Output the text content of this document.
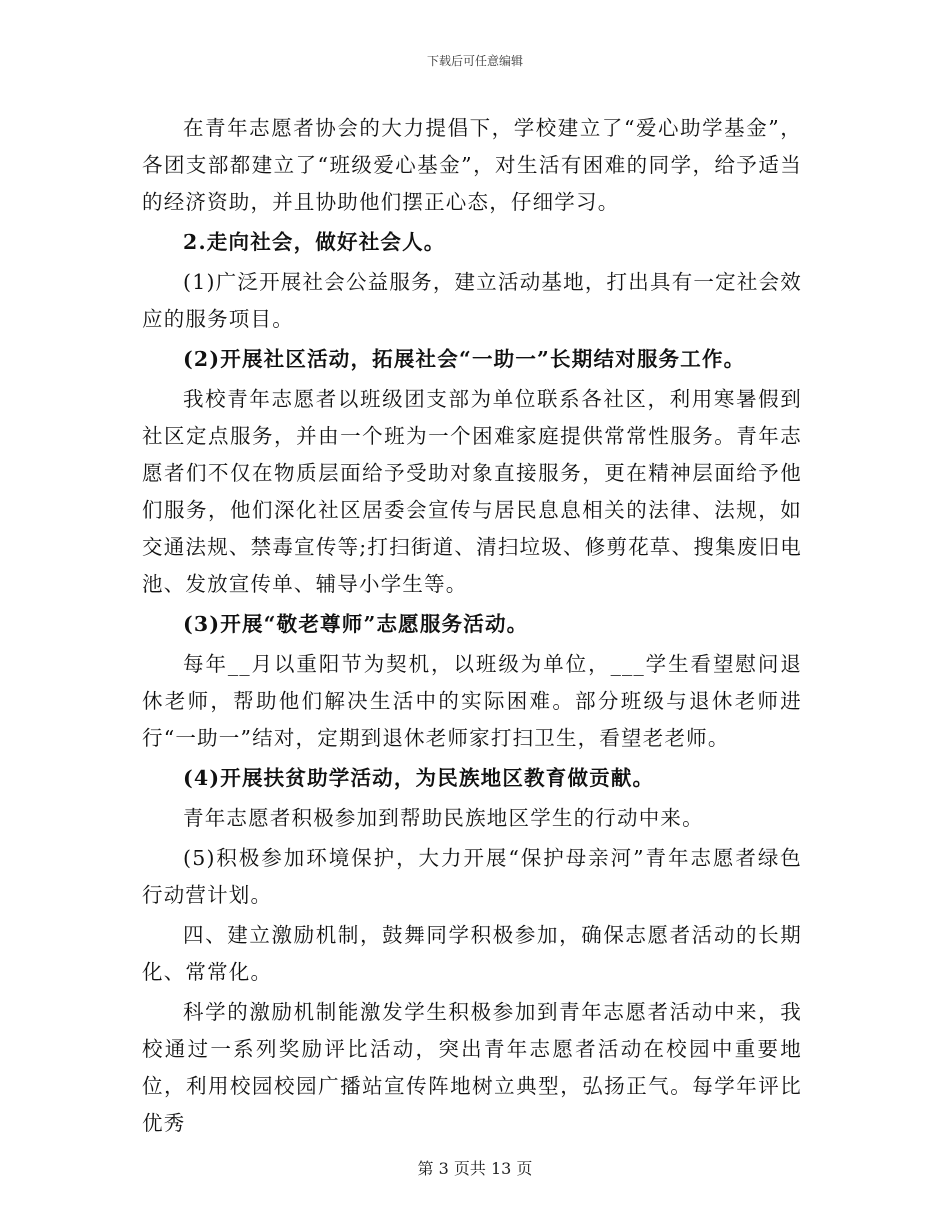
下载后可任意编辑

在青年志愿者协会的大力提倡下，学校建立了“爱心助学基金”，各团支部都建立了“班级爱心基金”，对生活有困难的同学，给予适当的经济资助，并且协助他们摆正心态，仔细学习。

2.走向社会，做好社会人。

(1)广泛开展社会公益服务，建立活动基地，打出具有一定社会效应的服务项目。

(2)开展社区活动，拓展社会“一助一”长期结对服务工作。

我校青年志愿者以班级团支部为单位联系各社区，利用寒暑假到社区定点服务，并由一个班为一个困难家庭提供常常性服务。青年志愿者们不仅在物质层面给予受助对象直接服务，更在精神层面给予他们服务，他们深化社区居委会宣传与居民息息相关的法律、法规，如交通法规、禁毒宣传等;打扫街道、清扫垃圾、修剪花草、搜集废旧电池、发放宣传单、辅导小学生等。

(3)开展“敬老尊师”志愿服务活动。

每年__月以重阳节为契机，以班级为单位，___学生看望慰问退休老师，帮助他们解决生活中的实际困难。部分班级与退休老师进行“一助一”结对，定期到退休老师家打扫卫生，看望老老师。

(4)开展扶贫助学活动，为民族地区教育做贡献。

青年志愿者积极参加到帮助民族地区学生的行动中来。

(5)积极参加环境保护，大力开展“保护母亲河”青年志愿者绿色行动营计划。

四、建立激励机制，鼓舞同学积极参加，确保志愿者活动的长期化、常常化。

科学的激励机制能激发学生积极参加到青年志愿者活动中来，我校通过一系列奖励评比活动，突出青年志愿者活动在校园中重要地位，利用校园校园广播站宣传阵地树立典型，弘扬正气。每学年评比优秀

第 3 页共 13 页
